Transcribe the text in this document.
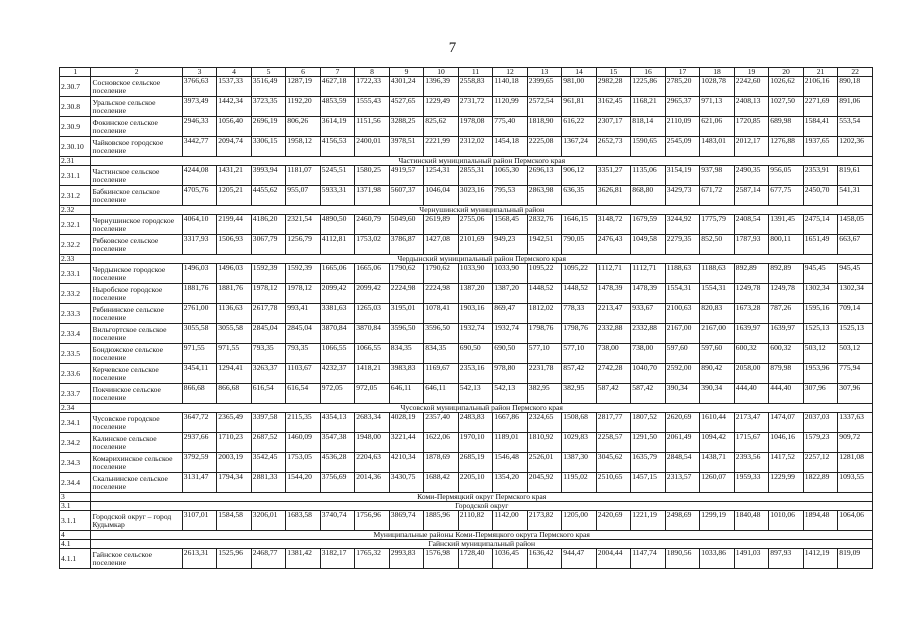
7
1	2	3	4	5	6	7	8	9	10	11	12	13	14	15	16	17	18	19	20	21	22
2.30.7	Сосновское сельское поселение	3766,63	1537,33	3516,49	1287,19	4627,18	1722,33	4301,24	1396,39	2558,83	1140,18	2399,65	981,00	2982,28	1225,86	2785,20	1028,78	2242,60	1026,62	2106,16	890,18
2.30.8	Уральское сельское поселение	3973,49	1442,34	3723,35	1192,20	4853,59	1555,43	4527,65	1229,49	2731,72	1120,99	2572,54	961,81	3162,45	1168,21	2965,37	971,13	2408,13	1027,50	2271,69	891,06
2.30.9	Фокинское сельское поселение	2946,33	1056,40	2696,19	806,26	3614,19	1151,56	3288,25	825,62	1978,08	775,40	1818,90	616,22	2307,17	818,14	2110,09	621,06	1720,85	689,98	1584,41	553,54
2.30.10	Чайковское городское поселение	3442,77	2094,74	3306,15	1958,12	4156,53	2400,01	3978,51	2221,99	2312,02	1454,18	2225,08	1367,24	2652,73	1590,65	2545,09	1483,01	2012,17	1276,88	1937,65	1202,36
2.31	Частинский муниципальный район Пермского края																				
2.31.1	Частинское сельское поселение	4244,08	1431,21	3993,94	1181,07	5245,51	1580,25	4919,57	1254,31	2855,31	1065,30	2696,13	906,12	3351,27	1135,06	3154,19	937,98	2490,35	956,05	2353,91	819,61
2.31.2	Бабкинское сельское поселение	4705,76	1205,21	4455,62	955,07	5933,31	1371,98	5607,37	1046,04	3023,16	795,53	2863,98	636,35	3626,81	868,80	3429,73	671,72	2587,14	677,75	2450,70	541,31
2.32	Чернушинский муниципальный район																				
2.32.1	Чернушинское городское поселение	4064,10	2199,44	4186,20	2321,54	4890,50	2460,79	5049,60	2619,89	2755,06	1568,45	2832,76	1646,15	3148,72	1679,59	3244,92	1775,79	2408,54	1391,45	2475,14	1458,05
2.32.2	Рябковское сельское поселение	3317,93	1506,93	3067,79	1256,79	4112,81	1753,02	3786,87	1427,08	2101,69	949,23	1942,51	790,05	2476,43	1049,58	2279,35	852,50	1787,93	800,11	1651,49	663,67
2.33	Чердынский муниципальный район Пермского края																				
2.33.1	Чердынское городское поселение	1496,03	1496,03	1592,39	1592,39	1665,06	1665,06	1790,62	1790,62	1033,90	1033,90	1095,22	1095,22	1112,71	1112,71	1188,63	1188,63	892,89	892,89	945,45	945,45
2.33.2	Ныробское городское поселение	1881,76	1881,76	1978,12	1978,12	2099,42	2099,42	2224,98	2224,98	1387,20	1387,20	1448,52	1448,52	1478,39	1478,39	1554,31	1554,31	1249,78	1249,78	1302,34	1302,34
2.33.3	Рябининское сельское поселение	2761,00	1136,63	2617,78	993,41	3381,63	1265,03	3195,01	1078,41	1903,16	869,47	1812,02	778,33	2213,47	933,67	2100,63	820,83	1673,28	787,26	1595,16	709,14
2.33.4	Вильгортское сельское поселение	3055,58	3055,58	2845,04	2845,04	3870,84	3870,84	3596,50	3596,50	1932,74	1932,74	1798,76	1798,76	2332,88	2332,88	2167,00	2167,00	1639,97	1639,97	1525,13	1525,13
2.33.5	Бондюжское сельское поселение	971,55	971,55	793,35	793,35	1066,55	1066,55	834,35	834,35	690,50	690,50	577,10	577,10	738,00	738,00	597,60	597,60	600,32	600,32	503,12	503,12
2.33.6	Керчевское сельское поселение	3454,11	1294,41	3263,37	1103,67	4232,37	1418,21	3983,83	1169,67	2353,16	978,80	2231,78	857,42	2742,28	1040,70	2592,00	890,42	2058,00	879,98	1953,96	775,94
2.33.7	Покчинское сельское поселение	866,68	866,68	616,54	616,54	972,05	972,05	646,11	646,11	542,13	542,13	382,95	382,95	587,42	587,42	390,34	390,34	444,40	444,40	307,96	307,96
2.34	Чусовской муниципальный район Пермского края																				
2.34.1	Чусовское городское поселение	3647,72	2365,49	3397,58	2115,35	4354,13	2683,34	4028,19	2357,40	2483,83	1667,86	2324,65	1508,68	2817,77	1807,52	2620,69	1610,44	2173,47	1474,07	2037,03	1337,63
2.34.2	Калинское сельское поселение	2937,66	1710,23	2687,52	1460,09	3547,38	1948,00	3221,44	1622,06	1970,10	1189,01	1810,92	1029,83	2258,57	1291,50	2061,49	1094,42	1715,67	1046,16	1579,23	909,72
2.34.3	Комарихинское сельское поселение	3792,59	2003,19	3542,45	1753,05	4536,28	2204,63	4210,34	1878,69	2685,19	1546,48	2526,01	1387,30	3045,62	1635,79	2848,54	1438,71	2393,56	1417,52	2257,12	1281,08
2.34.4	Скальнинское сельское поселение	3131,47	1794,34	2881,33	1544,20	3756,69	2014,36	3430,75	1688,42	2205,10	1354,20	2045,92	1195,02	2510,65	1457,15	2313,57	1260,07	1959,33	1229,99	1822,89	1093,55
3	Коми-Пермяцкий округ Пермского края																				
3.1	Городской округ																				
3.1.1	Городской округ – город Кудымкар	3107,01	1584,58	3206,01	1683,58	3740,74	1756,96	3869,74	1885,96	2110,82	1142,00	2173,82	1205,00	2420,69	1221,19	2498,69	1299,19	1840,48	1010,06	1894,48	1064,06
4	Муниципальные районы Коми-Пермяцкого округа Пермского края																				
4.1	Гайнский муниципальный район																				
4.1.1	Гайнское сельское поселение	2613,31	1525,96	2468,77	1381,42	3182,17	1765,32	2993,83	1576,98	1728,40	1036,45	1636,42	944,47	2004,44	1147,74	1890,56	1033,86	1491,03	897,93	1412,19	819,09
